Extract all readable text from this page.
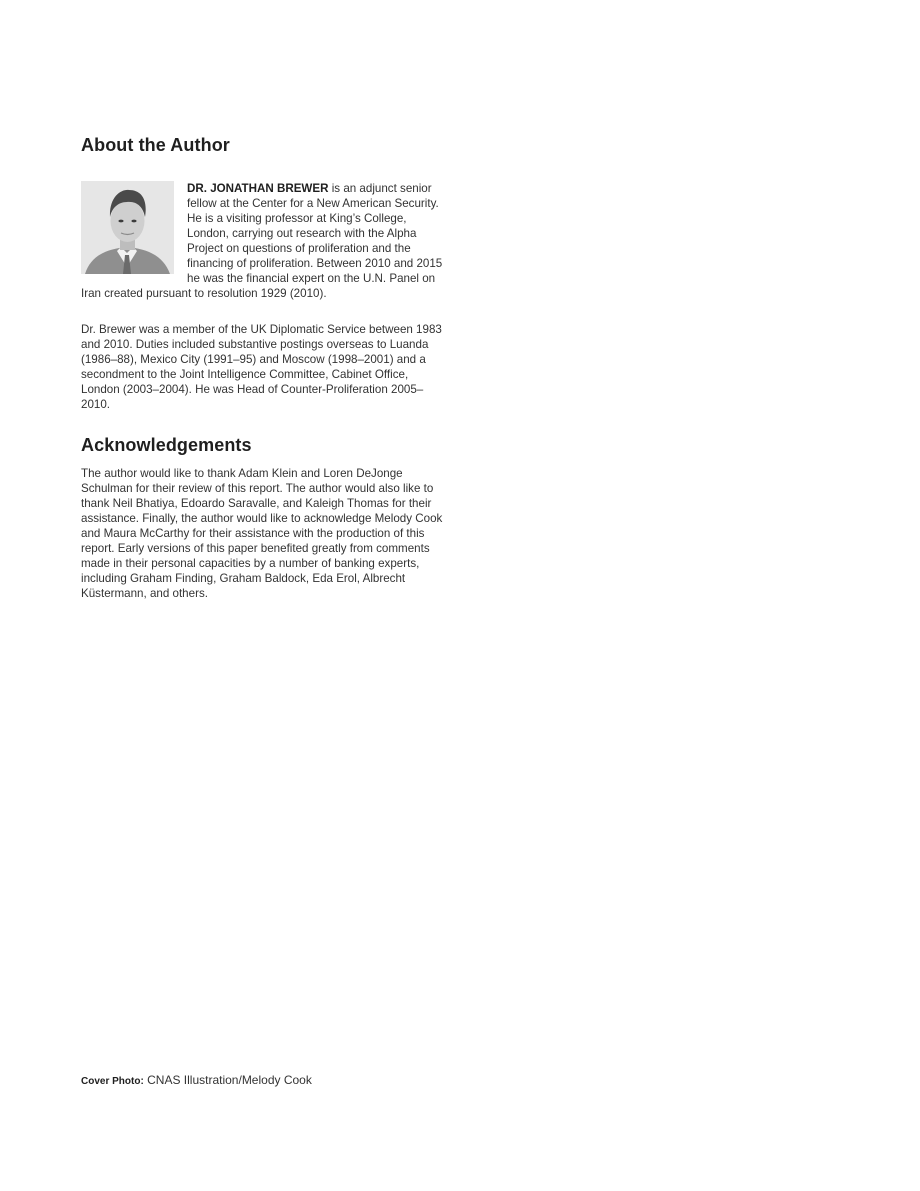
About the Author

DR. JONATHAN BREWER is an adjunct senior fellow at the Center for a New American Security. He is a visiting professor at King’s College, London, carrying out research with the Alpha Project on questions of proliferation and the financing of proliferation. Between 2010 and 2015 he was the financial expert on the U.N. Panel on Iran created pursuant to resolution 1929 (2010).

Dr. Brewer was a member of the UK Diplomatic Service between 1983 and 2010. Duties included substantive postings overseas to Luanda (1986–88), Mexico City (1991–95) and Moscow (1998–2001) and a secondment to the Joint Intelligence Committee, Cabinet Office, London (2003–2004). He was Head of Counter-Proliferation 2005–2010.

Acknowledgements

The author would like to thank Adam Klein and Loren DeJonge Schulman for their review of this report. The author would also like to thank Neil Bhatiya, Edoardo Saravalle, and Kaleigh Thomas for their assistance. Finally, the author would like to acknowledge Melody Cook and Maura McCarthy for their assistance with the production of this report. Early versions of this paper benefited greatly from comments made in their personal capacities by a number of banking experts, including Graham Finding, Graham Baldock, Eda Erol, Albrecht Küstermann, and others.

Cover Photo: CNAS Illustration/Melody Cook
